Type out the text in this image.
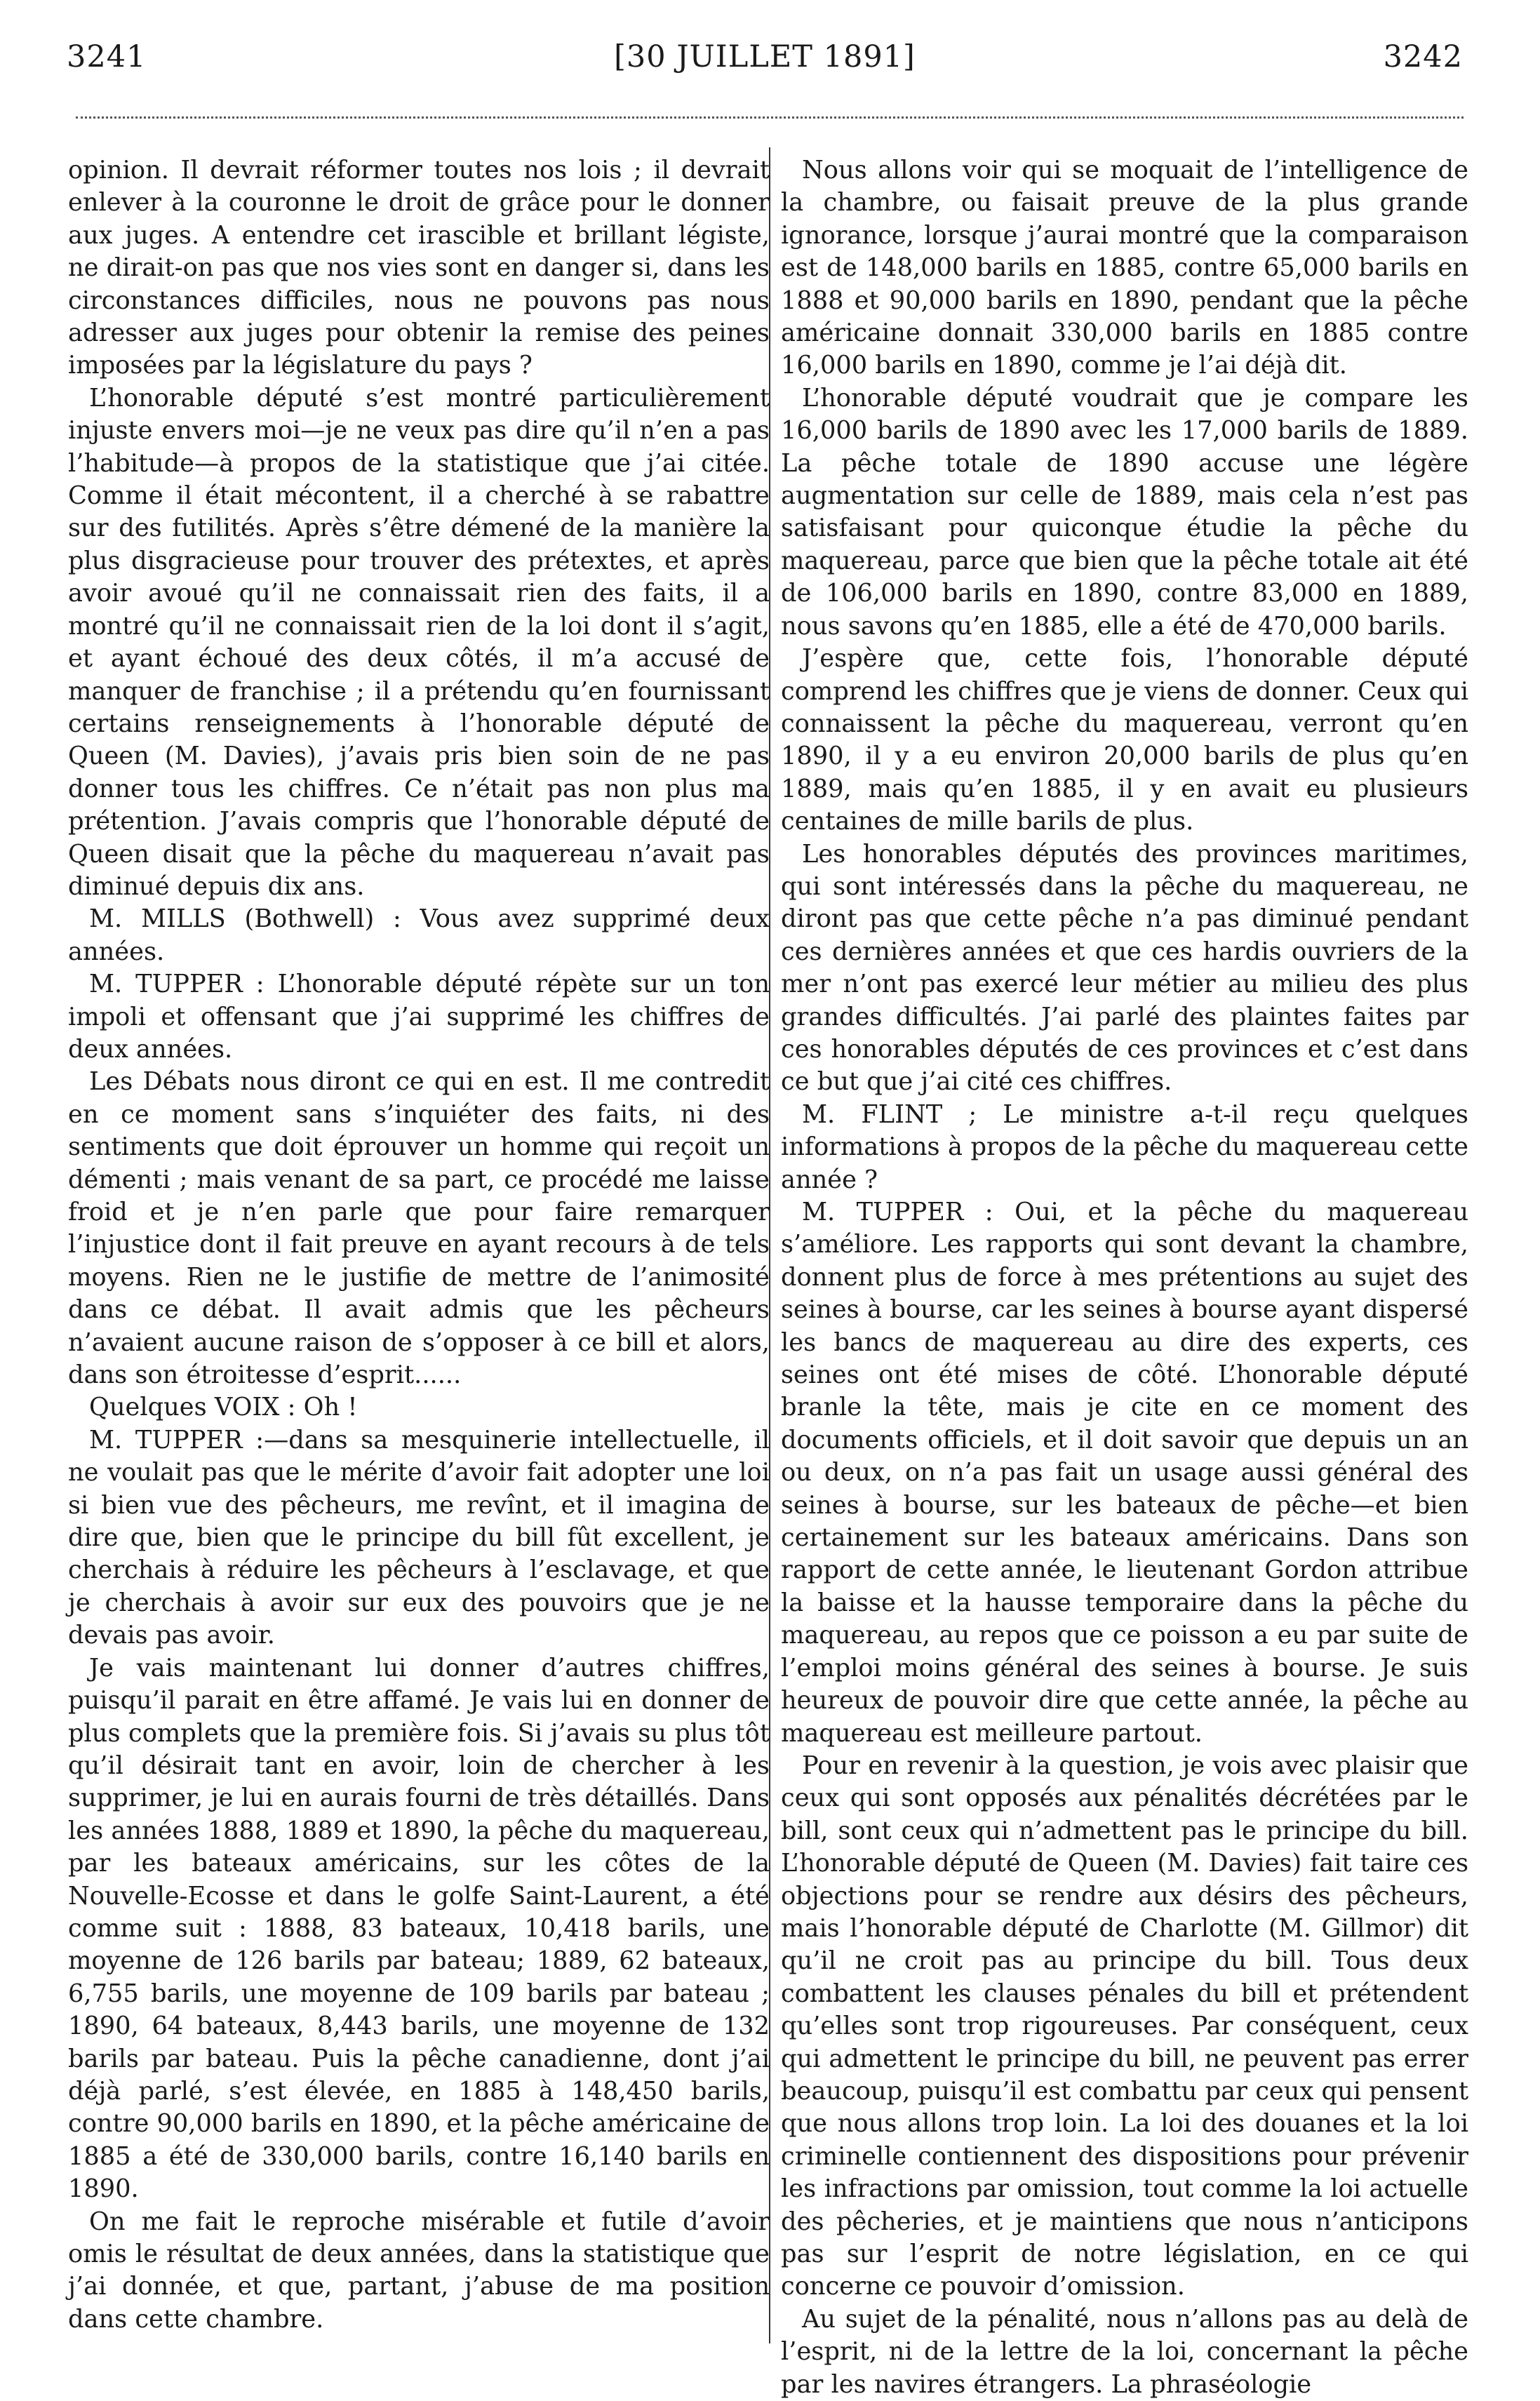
3241	[30 JUILLET 1891]	3242

opinion. Il devrait réformer toutes nos lois ; il devrait enlever à la couronne le droit de grâce pour le donner aux juges. A entendre cet irascible et brillant légiste, ne dirait-on pas que nos vies sont en danger si, dans les circonstances difficiles, nous ne pouvons pas nous adresser aux juges pour obtenir la remise des peines imposées par la législature du pays ?

L’honorable député s’est montré particulièrement injuste envers moi—je ne veux pas dire qu’il n’en a pas l’habitude—à propos de la statistique que j’ai citée. Comme il était mécontent, il a cherché à se rabattre sur des futilités. Après s’être démené de la manière la plus disgracieuse pour trouver des prétextes, et après avoir avoué qu’il ne connaissait rien des faits, il a montré qu’il ne connaissait rien de la loi dont il s’agit, et ayant échoué des deux côtés, il m’a accusé de manquer de franchise ; il a prétendu qu’en fournissant certains renseignements à l’honorable député de Queen (M. Davies), j’avais pris bien soin de ne pas donner tous les chiffres. Ce n’était pas non plus ma prétention. J’avais compris que l’honorable député de Queen disait que la pêche du maquereau n’avait pas diminué depuis dix ans.

M. MILLS (Bothwell) : Vous avez supprimé deux années.

M. TUPPER : L’honorable député répète sur un ton impoli et offensant que j’ai supprimé les chiffres de deux années.

Les Débats nous diront ce qui en est. Il me contredit en ce moment sans s’inquiéter des faits, ni des sentiments que doit éprouver un homme qui reçoit un démenti ; mais venant de sa part, ce procédé me laisse froid et je n’en parle que pour faire remarquer l’injustice dont il fait preuve en ayant recours à de tels moyens. Rien ne le justifie de mettre de l’animosité dans ce débat. Il avait admis que les pêcheurs n’avaient aucune raison de s’opposer à ce bill et alors, dans son étroitesse d’esprit......

Quelques VOIX : Oh !

M. TUPPER :—dans sa mesquinerie intellectuelle, il ne voulait pas que le mérite d’avoir fait adopter une loi si bien vue des pêcheurs, me revînt, et il imagina de dire que, bien que le principe du bill fût excellent, je cherchais à réduire les pêcheurs à l’esclavage, et que je cherchais à avoir sur eux des pouvoirs que je ne devais pas avoir.

Je vais maintenant lui donner d’autres chiffres, puisqu’il parait en être affamé. Je vais lui en donner de plus complets que la première fois. Si j’avais su plus tôt qu’il désirait tant en avoir, loin de chercher à les supprimer, je lui en aurais fourni de très détaillés. Dans les années 1888, 1889 et 1890, la pêche du maquereau, par les bateaux américains, sur les côtes de la Nouvelle-Ecosse et dans le golfe Saint-Laurent, a été comme suit : 1888, 83 bateaux, 10,418 barils, une moyenne de 126 barils par bateau; 1889, 62 bateaux, 6,755 barils, une moyenne de 109 barils par bateau ; 1890, 64 bateaux, 8,443 barils, une moyenne de 132 barils par bateau. Puis la pêche canadienne, dont j’ai déjà parlé, s’est élevée, en 1885 à 148,450 barils, contre 90,000 barils en 1890, et la pêche américaine de 1885 a été de 330,000 barils, contre 16,140 barils en 1890.

On me fait le reproche misérable et futile d’avoir omis le résultat de deux années, dans la statistique que j’ai donnée, et que, partant, j’abuse de ma position dans cette chambre.

Nous allons voir qui se moquait de l’intelligence de la chambre, ou faisait preuve de la plus grande ignorance, lorsque j’aurai montré que la comparaison est de 148,000 barils en 1885, contre 65,000 barils en 1888 et 90,000 barils en 1890, pendant que la pêche américaine donnait 330,000 barils en 1885 contre 16,000 barils en 1890, comme je l’ai déjà dit.

L’honorable député voudrait que je compare les 16,000 barils de 1890 avec les 17,000 barils de 1889. La pêche totale de 1890 accuse une légère augmentation sur celle de 1889, mais cela n’est pas satisfaisant pour quiconque étudie la pêche du maquereau, parce que bien que la pêche totale ait été de 106,000 barils en 1890, contre 83,000 en 1889, nous savons qu’en 1885, elle a été de 470,000 barils.

J’espère que, cette fois, l’honorable député comprend les chiffres que je viens de donner. Ceux qui connaissent la pêche du maquereau, verront qu’en 1890, il y a eu environ 20,000 barils de plus qu’en 1889, mais qu’en 1885, il y en avait eu plusieurs centaines de mille barils de plus.

Les honorables députés des provinces maritimes, qui sont intéressés dans la pêche du maquereau, ne diront pas que cette pêche n’a pas diminué pendant ces dernières années et que ces hardis ouvriers de la mer n’ont pas exercé leur métier au milieu des plus grandes difficultés. J’ai parlé des plaintes faites par ces honorables députés de ces provinces et c’est dans ce but que j’ai cité ces chiffres.

M. FLINT ; Le ministre a-t-il reçu quelques informations à propos de la pêche du maquereau cette année ?

M. TUPPER : Oui, et la pêche du maquereau s’améliore. Les rapports qui sont devant la chambre, donnent plus de force à mes prétentions au sujet des seines à bourse, car les seines à bourse ayant dispersé les bancs de maquereau au dire des experts, ces seines ont été mises de côté. L’honorable député branle la tête, mais je cite en ce moment des documents officiels, et il doit savoir que depuis un an ou deux, on n’a pas fait un usage aussi général des seines à bourse, sur les bateaux de pêche—et bien certainement sur les bateaux américains. Dans son rapport de cette année, le lieutenant Gordon attribue la baisse et la hausse temporaire dans la pêche du maquereau, au repos que ce poisson a eu par suite de l’emploi moins général des seines à bourse. Je suis heureux de pouvoir dire que cette année, la pêche au maquereau est meilleure partout.

Pour en revenir à la question, je vois avec plaisir que ceux qui sont opposés aux pénalités décrétées par le bill, sont ceux qui n’admettent pas le principe du bill. L’honorable député de Queen (M. Davies) fait taire ces objections pour se rendre aux désirs des pêcheurs, mais l’honorable député de Charlotte (M. Gillmor) dit qu’il ne croit pas au principe du bill. Tous deux combattent les clauses pénales du bill et prétendent qu’elles sont trop rigoureuses. Par conséquent, ceux qui admettent le principe du bill, ne peuvent pas errer beaucoup, puisqu’il est combattu par ceux qui pensent que nous allons trop loin. La loi des douanes et la loi criminelle contiennent des dispositions pour prévenir les infractions par omission, tout comme la loi actuelle des pêcheries, et je maintiens que nous n’anticipons pas sur l’esprit de notre législation, en ce qui concerne ce pouvoir d’omission.

Au sujet de la pénalité, nous n’allons pas au delà de l’esprit, ni de la lettre de la loi, concernant la pêche par les navires étrangers. La phraséologie
